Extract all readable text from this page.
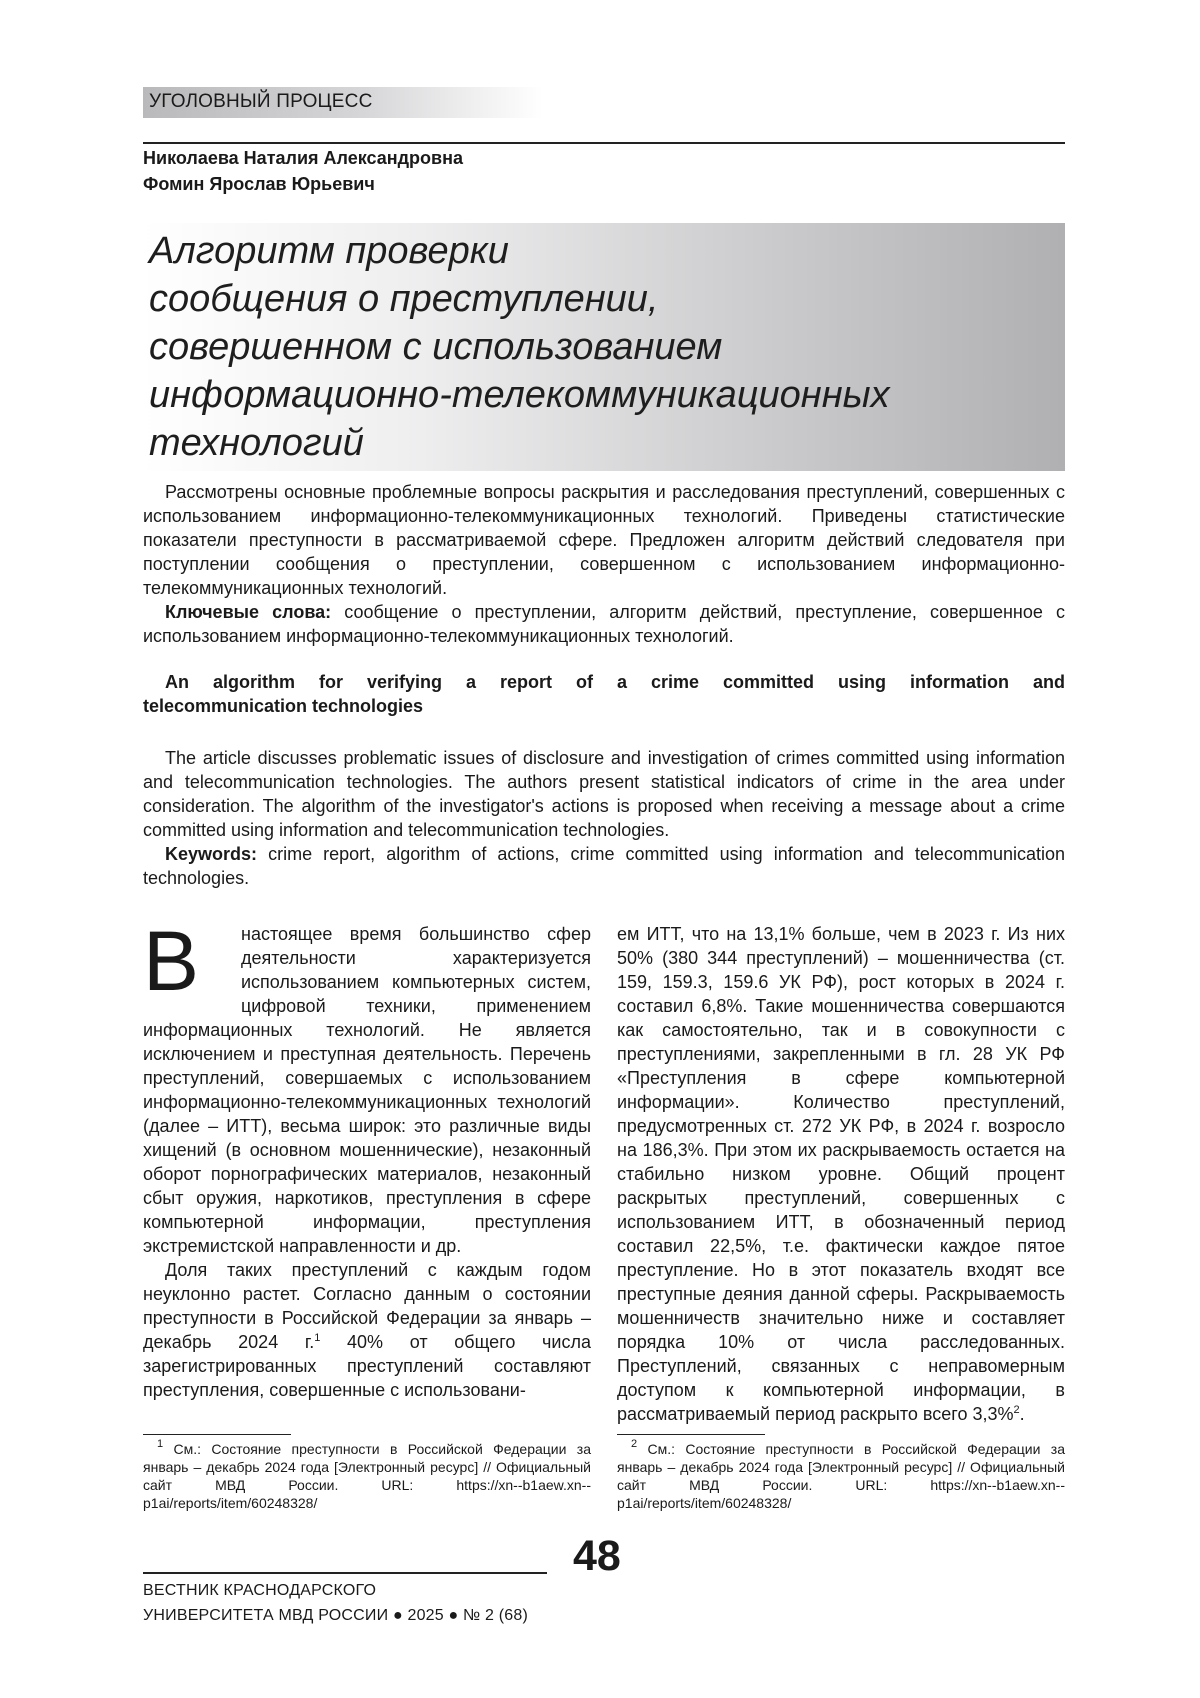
УГОЛОВНЫЙ ПРОЦЕСС
Николаева Наталия Александровна
Фомин Ярослав Юрьевич
Алгоритм проверки
сообщения о преступлении,
совершенном с использованием
информационно-телекоммуникационных
технологий

Рассмотрены основные проблемные вопросы раскрытия и расследования преступлений, совершенных с использованием информационно-телекоммуникационных технологий. Приведены статистические показатели преступности в рассматриваемой сфере. Предложен алгоритм действий следователя при поступлении сообщения о преступлении, совершенном с использованием информационно-телекоммуникационных технологий.

Ключевые слова: сообщение о преступлении, алгоритм действий, преступление, совершенное с использованием информационно-телекоммуникационных технологий.

An algorithm for verifying a report of a crime committed using information and
telecommunication technologies

The article discusses problematic issues of disclosure and investigation of crimes committed using information and telecommunication technologies. The authors present statistical indicators of crime in the area under consideration. The algorithm of the investigator's actions is proposed when receiving a message about a crime committed using information and telecommunication technologies.

Keywords: crime report, algorithm of actions, crime committed using information and telecommunication technologies.

В	настоящее время большинство сфер деятельности характеризуется использованием компьютерных систем, цифровой техники, применением информационных технологий. Не является исключением и преступная деятельность. Перечень преступлений, совершаемых с использованием информационно-телекоммуникационных технологий (далее – ИТТ), весьма широк: это различные виды хищений (в основном мошеннические), незаконный оборот порнографических материалов, незаконный сбыт оружия, наркотиков, преступления в сфере компьютерной информации, преступления экстремистской направленности и др.

Доля таких преступлений с каждым годом неуклонно растет. Согласно данным о состоянии преступности в Российской Федерации за январь – декабрь 2024 г.$^1$ 40% от общего числа зарегистрированных преступлений составляют преступления, совершенные с использовани-

ем ИТТ, что на 13,1% больше, чем в 2023 г. Из них 50% (380 344 преступлений) – мошенничества (ст. 159, 159.3, 159.6 УК РФ), рост которых в 2024 г. составил 6,8%. Такие мошенничества совершаются как самостоятельно, так и в совокупности с преступлениями, закрепленными в гл. 28 УК РФ «Преступления в сфере компьютерной информации». Количество преступлений, предусмотренных ст. 272 УК РФ, в 2024 г. возросло на 186,3%. При этом их раскрываемость остается на стабильно низком уровне. Общий процент раскрытых преступлений, совершенных с использованием ИТТ, в обозначенный период составил 22,5%, т.е. фактически каждое пятое преступление. Но в этот показатель входят все преступные деяния данной сферы. Раскрываемость мошенничеств значительно ниже и составляет порядка 10% от числа расследованных. Преступлений, связанных с неправомерным доступом к компьютерной информации, в рассматриваемый период раскрыто всего 3,3%$^2$.

$^1$ См.: Состояние преступности в Российской Федерации за январь – декабрь 2024 года [Электронный ресурс] // Официальный сайт МВД России. URL: https://xn--b1aew.xn--p1ai/reports/item/60248328/

$^2$ См.: Состояние преступности в Российской Федерации за январь – декабрь 2024 года [Электронный ресурс] // Официальный сайт МВД России. URL: https://xn--b1aew.xn--p1ai/reports/item/60248328/

48
ВЕСТНИК КРАСНОДАРСКОГО
УНИВЕРСИТЕТА МВД РОССИИ ● 2025 ● № 2 (68)
